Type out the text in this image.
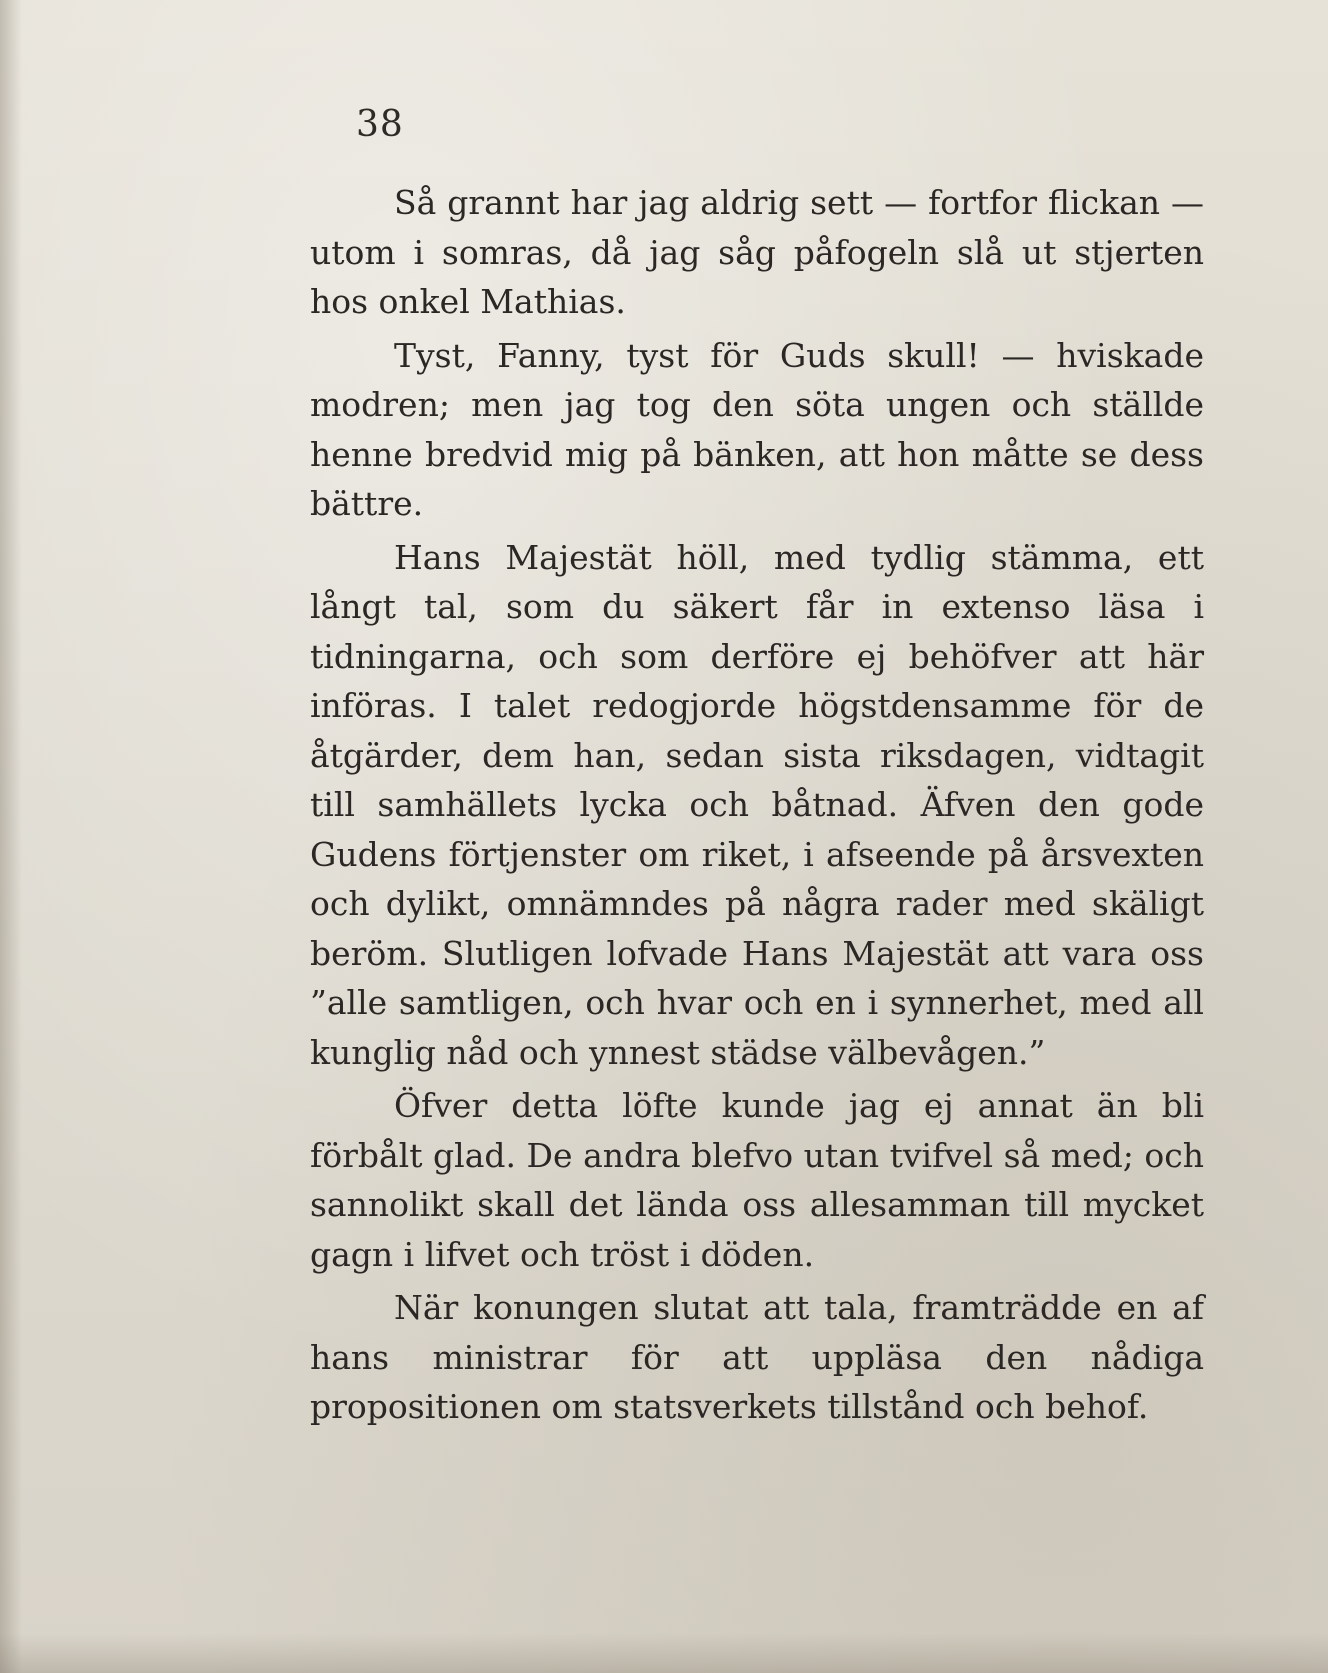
38

Så grannt har jag aldrig sett — fortfor flickan — utom i somras, då jag såg påfogeln slå ut stjerten hos onkel Mathias.

Tyst, Fanny, tyst för Guds skull! — hviskade modren; men jag tog den söta ungen och ställde henne bredvid mig på bänken, att hon måtte se dess bättre.

Hans Majestät höll, med tydlig stämma, ett långt tal, som du säkert får in extenso läsa i tidningarna, och som derföre ej behöfver att här införas. I talet redogjorde högstdensamme för de åtgärder, dem han, sedan sista riksdagen, vidtagit till samhällets lycka och båtnad. Äfven den gode Gudens förtjenster om riket, i afseende på årsvexten och dylikt, omnämndes på några rader med skäligt beröm. Slutligen lofvade Hans Majestät att vara oss ”alle samtligen, och hvar och en i synnerhet, med all kunglig nåd och ynnest städse välbevågen.”

Öfver detta löfte kunde jag ej annat än bli förbålt glad. De andra blefvo utan tvifvel så med; och sannolikt skall det lända oss allesamman till mycket gagn i lifvet och tröst i döden.

När konungen slutat att tala, framträdde en af hans ministrar för att uppläsa den nådiga propositionen om statsverkets tillstånd och behof.
